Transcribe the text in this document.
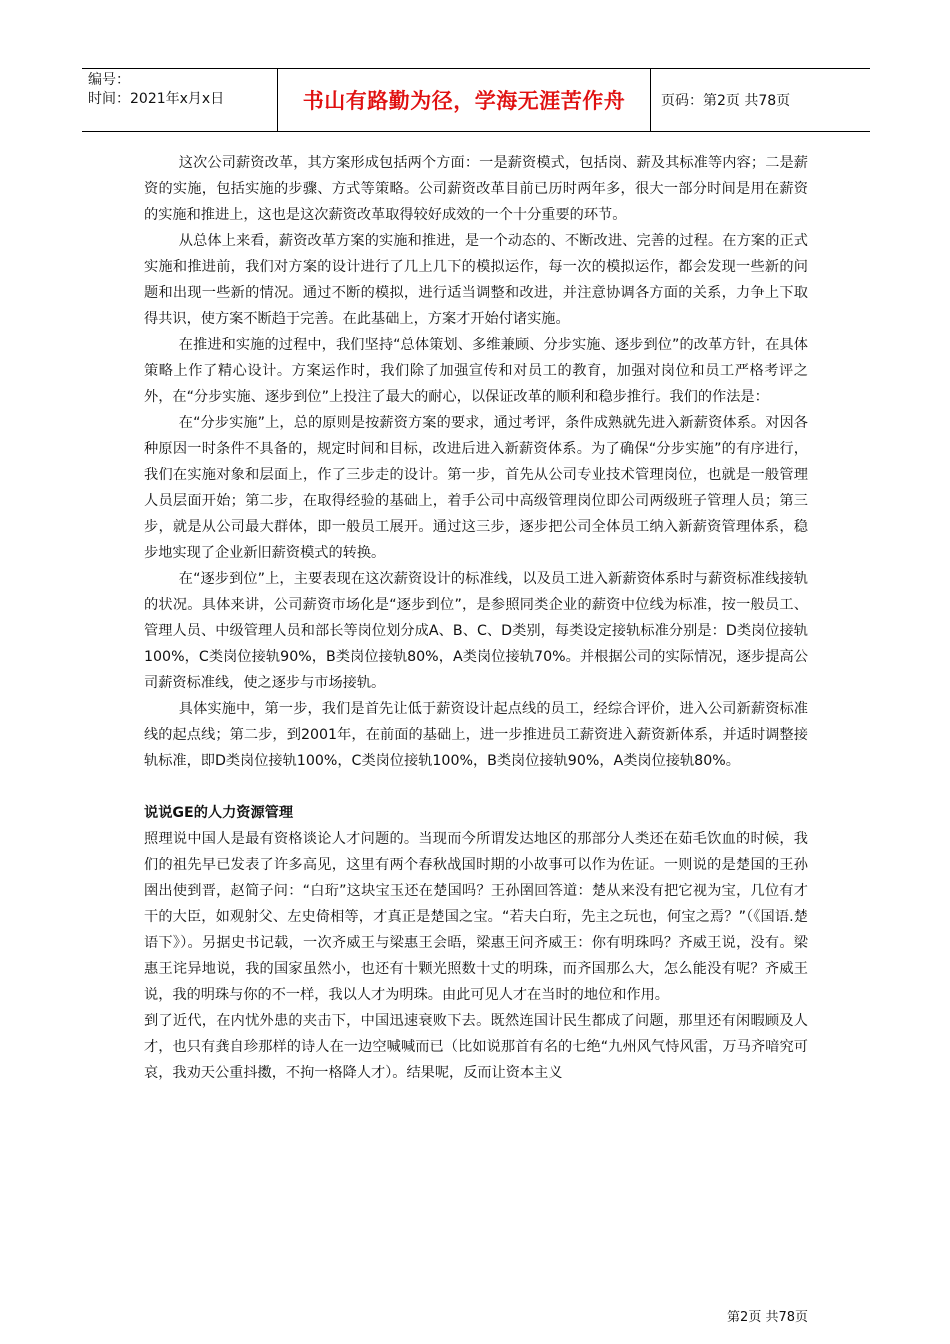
编号：
时间：2021年x月x日	书山有路勤为径，学海无涯苦作舟	页码：第2页 共78页

这次公司薪资改革，其方案形成包括两个方面：一是薪资模式，包括岗、薪及其标准等内容；二是薪资的实施，包括实施的步骤、方式等策略。公司薪资改革目前已历时两年多，很大一部分时间是用在薪资的实施和推进上，这也是这次薪资改革取得较好成效的一个十分重要的环节。

从总体上来看，薪资改革方案的实施和推进，是一个动态的、不断改进、完善的过程。在方案的正式实施和推进前，我们对方案的设计进行了几上几下的模拟运作，每一次的模拟运作，都会发现一些新的问题和出现一些新的情况。通过不断的模拟，进行适当调整和改进，并注意协调各方面的关系，力争上下取得共识，使方案不断趋于完善。在此基础上，方案才开始付诸实施。

在推进和实施的过程中，我们坚持“总体策划、多维兼顾、分步实施、逐步到位”的改革方针，在具体策略上作了精心设计。方案运作时，我们除了加强宣传和对员工的教育，加强对岗位和员工严格考评之外，在“分步实施、逐步到位”上投注了最大的耐心，以保证改革的顺利和稳步推行。我们的作法是：

在“分步实施”上，总的原则是按薪资方案的要求，通过考评，条件成熟就先进入新薪资体系。对因各种原因一时条件不具备的，规定时间和目标，改进后进入新薪资体系。为了确保“分步实施”的有序进行，我们在实施对象和层面上，作了三步走的设计。第一步，首先从公司专业技术管理岗位，也就是一般管理人员层面开始；第二步，在取得经验的基础上，着手公司中高级管理岗位即公司两级班子管理人员；第三步，就是从公司最大群体，即一般员工展开。通过这三步，逐步把公司全体员工纳入新薪资管理体系，稳步地实现了企业新旧薪资模式的转换。

在“逐步到位”上，主要表现在这次薪资设计的标准线，以及员工进入新薪资体系时与薪资标准线接轨的状况。具体来讲，公司薪资市场化是“逐步到位”，是参照同类企业的薪资中位线为标准，按一般员工、管理人员、中级管理人员和部长等岗位划分成A、B、C、D类别，每类设定接轨标准分别是：D类岗位接轨100%，C类岗位接轨90%，B类岗位接轨80%，A类岗位接轨70%。并根据公司的实际情况，逐步提高公司薪资标准线，使之逐步与市场接轨。

具体实施中，第一步，我们是首先让低于薪资设计起点线的员工，经综合评价，进入公司新薪资标准线的起点线；第二步，到2001年，在前面的基础上，进一步推进员工薪资进入薪资新体系，并适时调整接轨标准，即D类岗位接轨100%，C类岗位接轨100%，B类岗位接轨90%，A类岗位接轨80%。

说说GE的人力资源管理

照理说中国人是最有资格谈论人才问题的。当现而今所谓发达地区的那部分人类还在茹毛饮血的时候，我们的祖先早已发表了许多高见，这里有两个春秋战国时期的小故事可以作为佐证。一则说的是楚国的王孙圉出使到晋，赵简子问：“白珩”这块宝玉还在楚国吗？王孙圉回答道：楚从来没有把它视为宝，几位有才干的大臣，如观射父、左史倚相等，才真正是楚国之宝。“若夫白珩，先主之玩也，何宝之焉？”（《国语.楚语下》）。另据史书记载，一次齐威王与梁惠王会晤，梁惠王问齐威王：你有明珠吗？齐威王说，没有。梁惠王诧异地说，我的国家虽然小，也还有十颗光照数十丈的明珠，而齐国那么大，怎么能没有呢？齐威王说，我的明珠与你的不一样，我以人才为明珠。由此可见人才在当时的地位和作用。

到了近代，在内忧外患的夹击下，中国迅速衰败下去。既然连国计民生都成了问题，那里还有闲暇顾及人才，也只有龚自珍那样的诗人在一边空喊喊而已（比如说那首有名的七绝“九州风气恃风雷，万马齐喑究可哀，我劝天公重抖擞，不拘一格降人才）。结果呢，反而让资本主义

第2页 共78页
